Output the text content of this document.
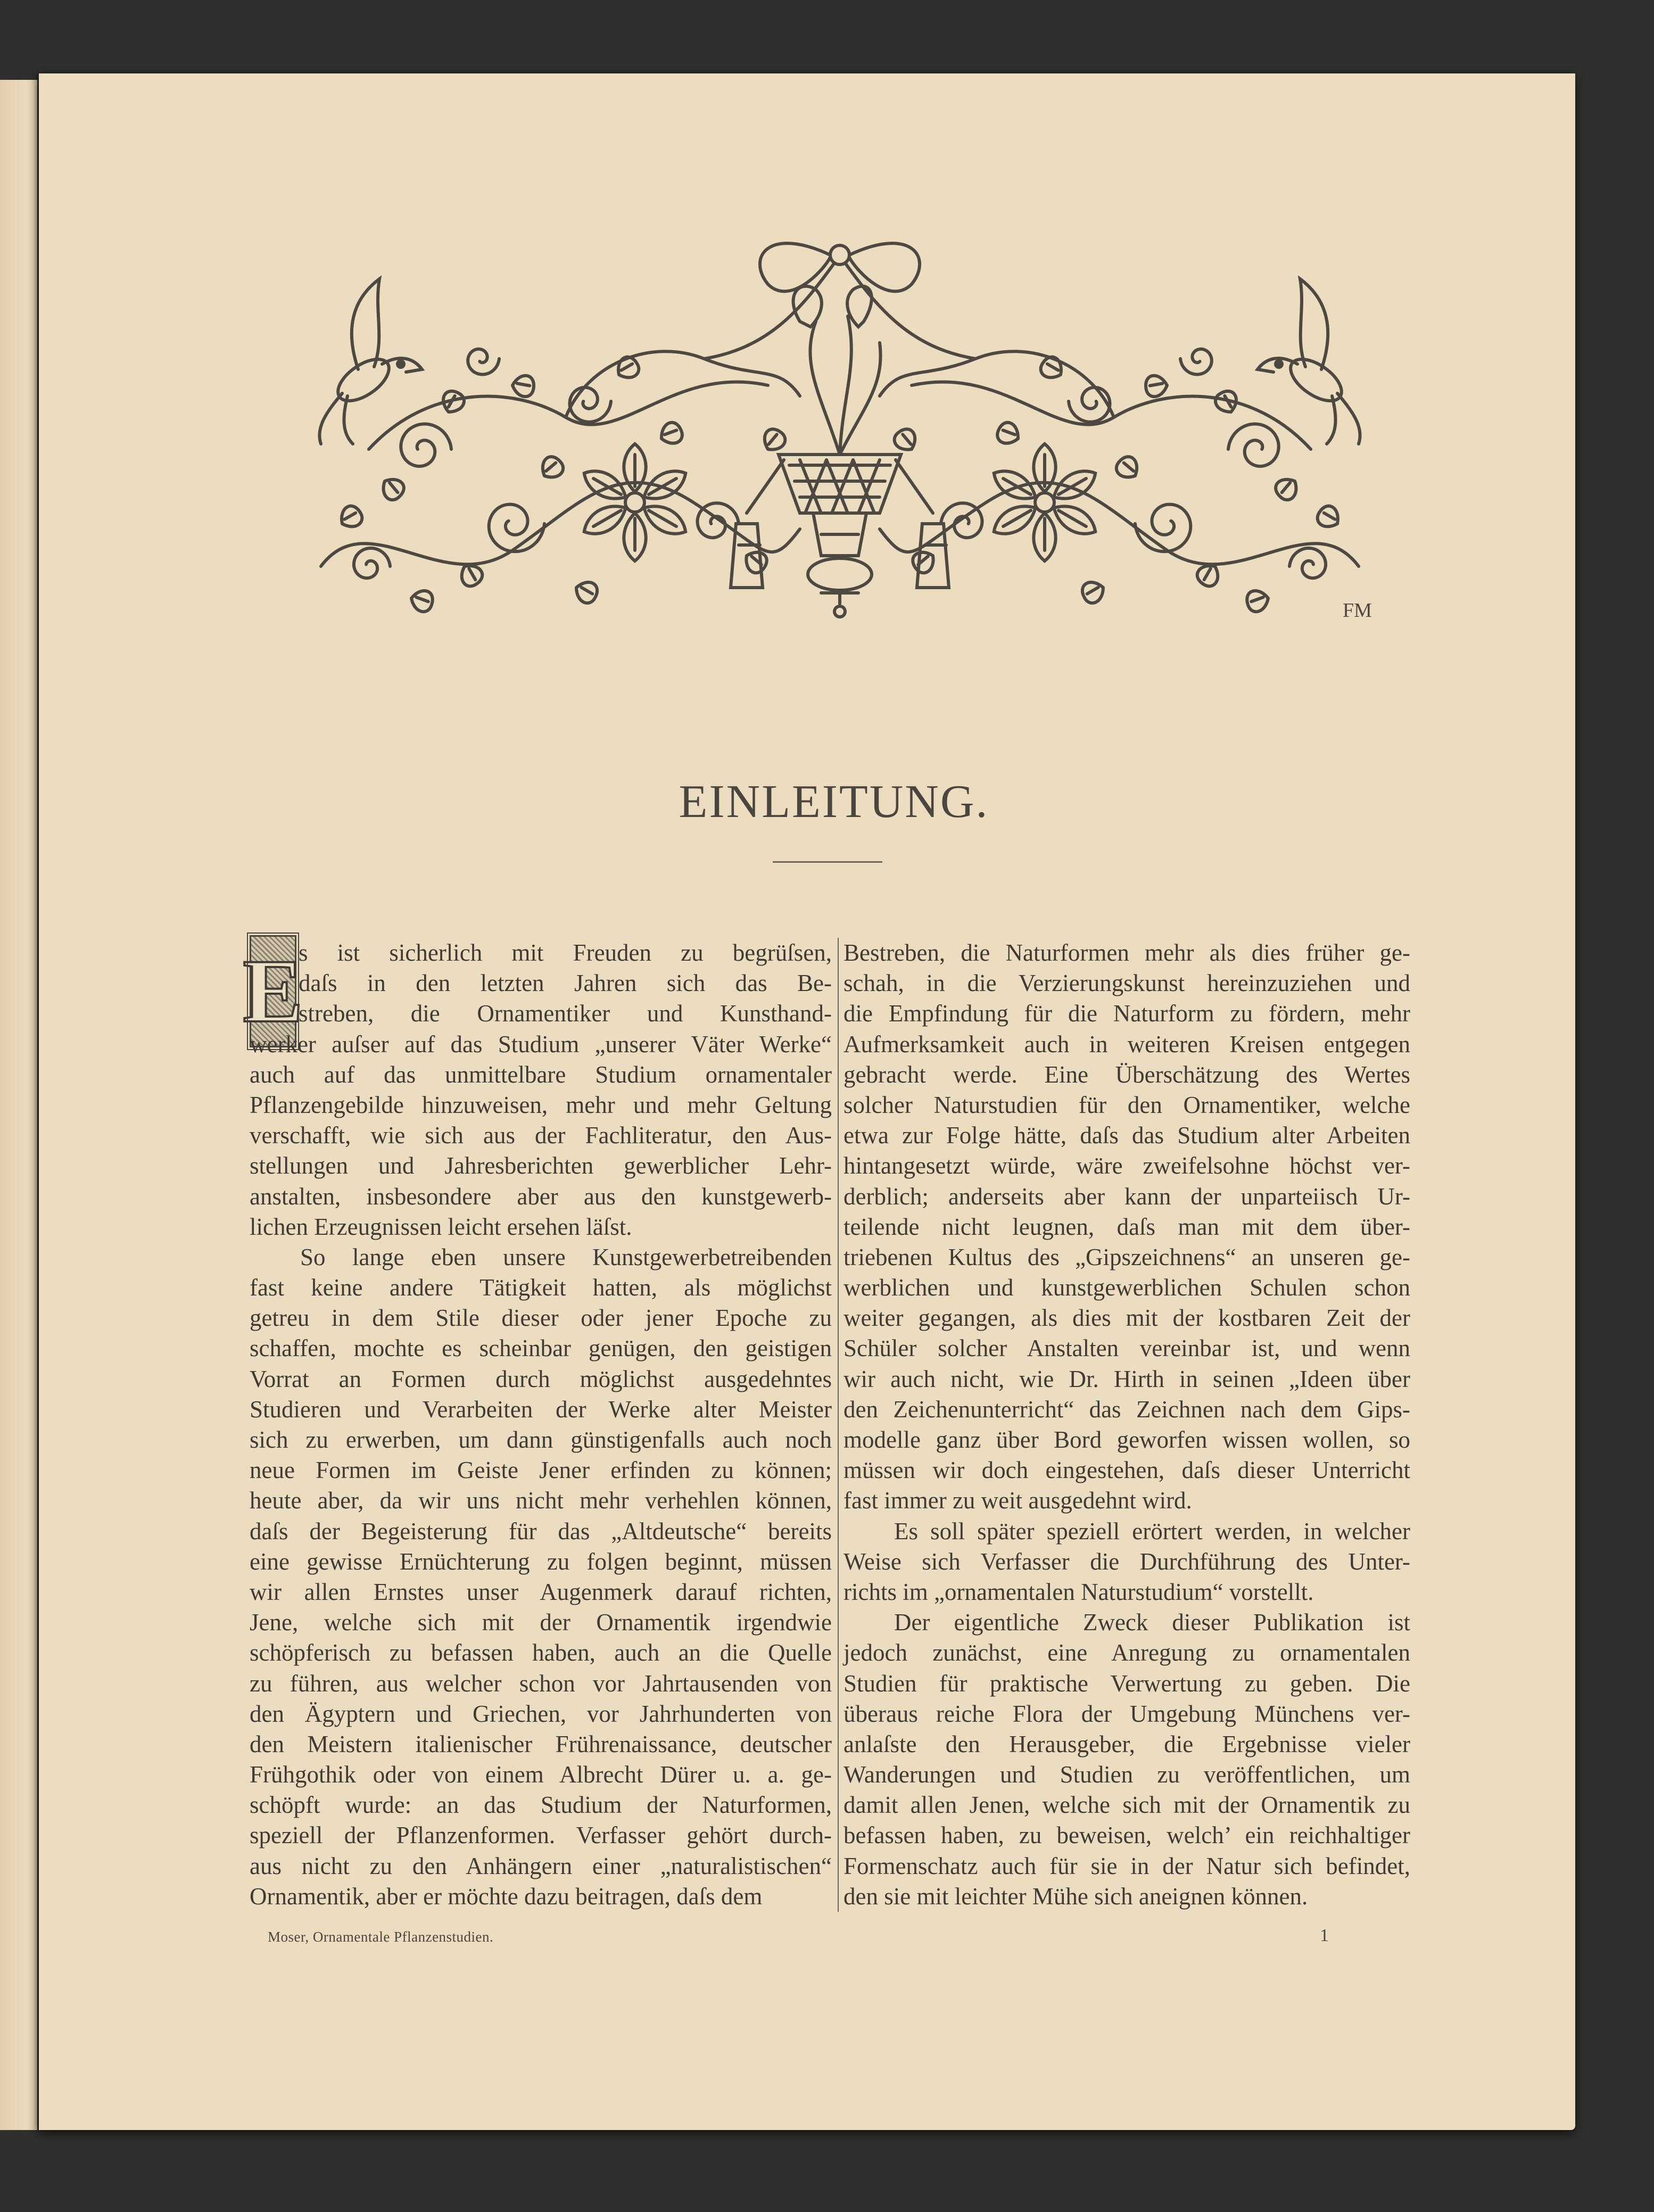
FM
EINLEITUNG.
E
s ist sicherlich mit Freuden zu begrüſsen,
daſs in den letzten Jahren sich das Be-
streben, die Ornamentiker und Kunsthand-
werker auſser auf das Studium „unserer Väter Werke“
auch auf das unmittelbare Studium ornamentaler
Pflanzengebilde hinzuweisen, mehr und mehr Geltung
verschafft, wie sich aus der Fachliteratur, den Aus-
stellungen und Jahresberichten gewerblicher Lehr-
anstalten, insbesondere aber aus den kunstgewerb-
lichen Erzeugnissen leicht ersehen läſst.
So lange eben unsere Kunstgewerbetreibenden
fast keine andere Tätigkeit hatten, als möglichst
getreu in dem Stile dieser oder jener Epoche zu
schaffen, mochte es scheinbar genügen, den geistigen
Vorrat an Formen durch möglichst ausgedehntes
Studieren und Verarbeiten der Werke alter Meister
sich zu erwerben, um dann günstigenfalls auch noch
neue Formen im Geiste Jener erfinden zu können;
heute aber, da wir uns nicht mehr verhehlen können,
daſs der Begeisterung für das „Altdeutsche“ bereits
eine gewisse Ernüchterung zu folgen beginnt, müssen
wir allen Ernstes unser Augenmerk darauf richten,
Jene, welche sich mit der Ornamentik irgendwie
schöpferisch zu befassen haben, auch an die Quelle
zu führen, aus welcher schon vor Jahrtausenden von
den Ägyptern und Griechen, vor Jahrhunderten von
den Meistern italienischer Frührenaissance, deutscher
Frühgothik oder von einem Albrecht Dürer u. a. ge-
schöpft wurde: an das Studium der Naturformen,
speziell der Pflanzenformen. Verfasser gehört durch-
aus nicht zu den Anhängern einer „naturalistischen“
Ornamentik, aber er möchte dazu beitragen, daſs dem
Bestreben, die Naturformen mehr als dies früher ge-
schah, in die Verzierungskunst hereinzuziehen und
die Empfindung für die Naturform zu fördern, mehr
Aufmerksamkeit auch in weiteren Kreisen entgegen
gebracht werde. Eine Überschätzung des Wertes
solcher Naturstudien für den Ornamentiker, welche
etwa zur Folge hätte, daſs das Studium alter Arbeiten
hintangesetzt würde, wäre zweifelsohne höchst ver-
derblich; anderseits aber kann der unparteiisch Ur-
teilende nicht leugnen, daſs man mit dem über-
triebenen Kultus des „Gipszeichnens“ an unseren ge-
werblichen und kunstgewerblichen Schulen schon
weiter gegangen, als dies mit der kostbaren Zeit der
Schüler solcher Anstalten vereinbar ist, und wenn
wir auch nicht, wie Dr. Hirth in seinen „Ideen über
den Zeichenunterricht“ das Zeichnen nach dem Gips-
modelle ganz über Bord geworfen wissen wollen, so
müssen wir doch eingestehen, daſs dieser Unterricht
fast immer zu weit ausgedehnt wird.
Es soll später speziell erörtert werden, in welcher
Weise sich Verfasser die Durchführung des Unter-
richts im „ornamentalen Naturstudium“ vorstellt.
Der eigentliche Zweck dieser Publikation ist
jedoch zunächst, eine Anregung zu ornamentalen
Studien für praktische Verwertung zu geben. Die
überaus reiche Flora der Umgebung Münchens ver-
anlaſste den Herausgeber, die Ergebnisse vieler
Wanderungen und Studien zu veröffentlichen, um
damit allen Jenen, welche sich mit der Ornamentik zu
befassen haben, zu beweisen, welch’ ein reichhaltiger
Formenschatz auch für sie in der Natur sich befindet,
den sie mit leichter Mühe sich aneignen können.
Moser, Ornamentale Pflanzenstudien.	1
